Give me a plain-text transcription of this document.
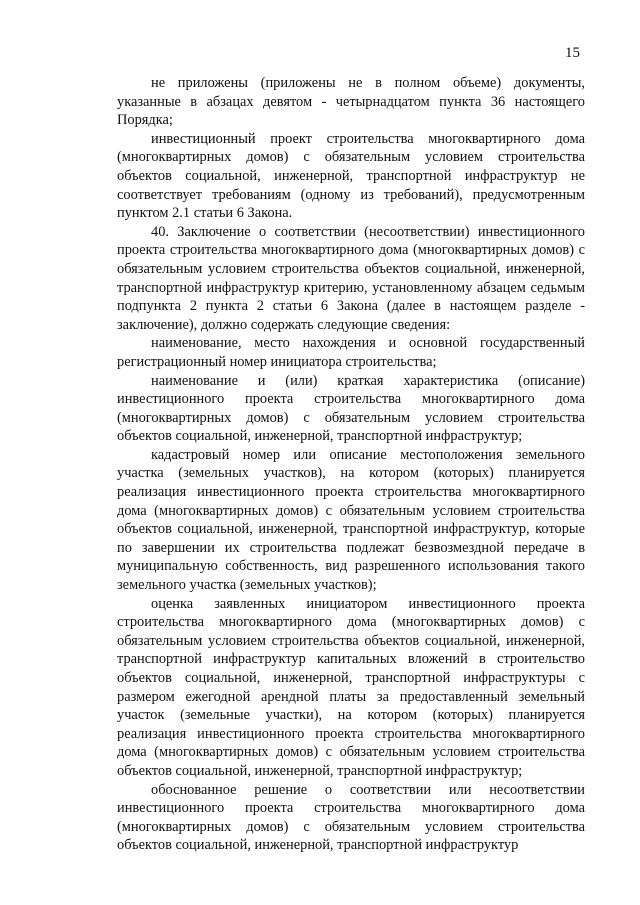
15

не приложены (приложены не в полном объеме) документы, указанные в абзацах девятом - четырнадцатом пункта 36 настоящего Порядка;

инвестиционный проект строительства многоквартирного дома (многоквартирных домов) с обязательным условием строительства объектов социальной, инженерной, транспортной инфраструктур не соответствует требованиям (одному из требований), предусмотренным пунктом 2.1 статьи 6 Закона.

40. Заключение о соответствии (несоответствии) инвестиционного проекта строительства многоквартирного дома (многоквартирных домов) с обязательным условием строительства объектов социальной, инженерной, транспортной инфраструктур критерию, установленному абзацем седьмым подпункта 2 пункта 2 статьи 6 Закона (далее в настоящем разделе - заключение), должно содержать следующие сведения:

наименование, место нахождения и основной государственный регистрационный номер инициатора строительства;

наименование и (или) краткая характеристика (описание) инвестиционного проекта строительства многоквартирного дома (многоквартирных домов) с обязательным условием строительства объектов социальной, инженерной, транспортной инфраструктур;

кадастровый номер или описание местоположения земельного участка (земельных участков), на котором (которых) планируется реализация инвестиционного проекта строительства многоквартирного дома (многоквартирных домов) с обязательным условием строительства объектов социальной, инженерной, транспортной инфраструктур, которые по завершении их строительства подлежат безвозмездной передаче в муниципальную собственность, вид разрешенного использования такого земельного участка (земельных участков);

оценка заявленных инициатором инвестиционного проекта строительства многоквартирного дома (многоквартирных домов) с обязательным условием строительства объектов социальной, инженерной, транспортной инфраструктур капитальных вложений в строительство объектов социальной, инженерной, транспортной инфраструктуры с размером ежегодной арендной платы за предоставленный земельный участок (земельные участки), на котором (которых) планируется реализация инвестиционного проекта строительства многоквартирного дома (многоквартирных домов) с обязательным условием строительства объектов социальной, инженерной, транспортной инфраструктур;

обоснованное решение о соответствии или несоответствии инвестиционного проекта строительства многоквартирного дома (многоквартирных домов) с обязательным условием строительства объектов социальной, инженерной, транспортной инфраструктур
